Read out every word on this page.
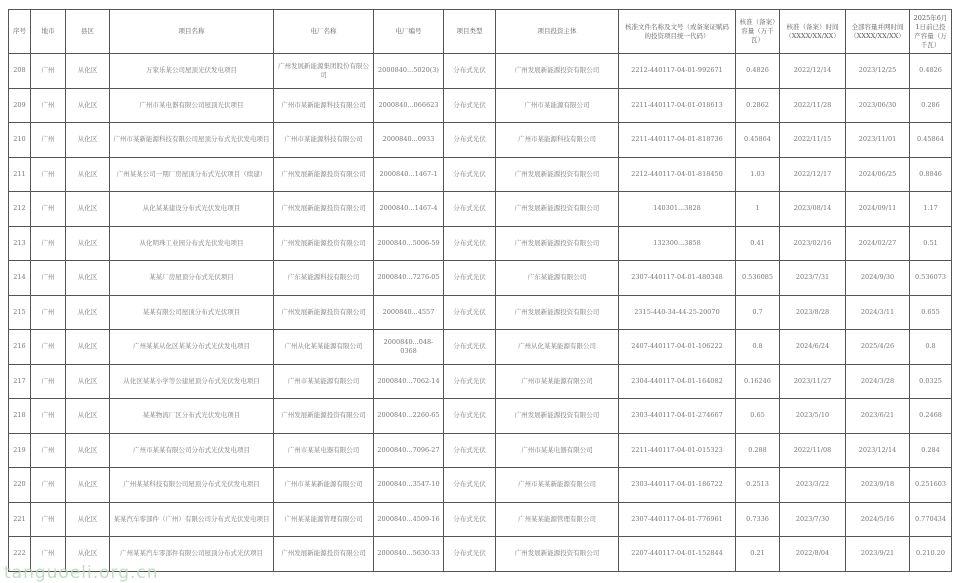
序号	地市	县区	项目名称	电厂名称	电厂编号	项目类型	项目投资主体	核准文件名称及文号（或备案证赋码的投资项目统一代码）	核准（备案）容量（万千瓦）	核准（备案）时间（XXXX/XX/XX）	全部容量并网时间（XXXX/XX/XX）	2025年6月1日前已投产容量（万千瓦）
208	广州	从化区	万家乐某公司屋顶光伏发电项目	广州发展新能源集团股份有限公司	2000840...5020(3)	分布式光伏	广州发展新能源投资有限公司	2212-440117-04-01-992671	0.4826	2022/12/14	2023/12/25	0.4826
209	广州	从化区	广州市某电器有限公司屋顶光伏项目	广州市某新能源科技有限公司	2000840...066623	分布式光伏	广州市某能源有限公司	2211-440117-04-01-018613	0.2862	2022/11/28	2023/06/30	0.286
210	广州	从化区	广州市某新能源科技有限公司屋顶分布式光伏发电项目	广州市某能源科技有限公司	2000840...0933	分布式光伏	广州市某能源科技有限公司	2211-440117-04-01-818736	0.45864	2022/11/15	2023/11/01	0.45864
211	广州	从化区	广州某某公司一期厂房屋顶分布式光伏项目（续建）	广州发展新能源投资有限公司	2000840...1467-1	分布式光伏	广州发展新能源投资有限公司	2212-440117-04-01-818450	1.03	2022/12/17	2024/06/25	0.8846
212	广州	从化区	从化某某建设分布式光伏发电项目	广州发展新能源投资有限公司	2000840...1467-4	分布式光伏	广州发展新能源投资有限公司	140301...3828	1	2023/08/14	2024/09/11	1.17
213	广州	从化区	从化明珠工业园分布式光伏发电项目	广州发展新能源投资有限公司	2000840...5006-59	分布式光伏	广州发展新能源投资有限公司	132300...3858	0.41	2023/02/16	2024/02/27	0.51
214	广州	从化区	某某厂房屋顶分布式光伏项目	广东某能源科技有限公司	2000840...7276-05	分布式光伏	广东某能源有限公司	2307-440117-04-01-480348	0.536085	2023/7/31	2024/9/30	0.536073
215	广州	从化区	某某有限公司屋顶分布式光伏项目	广州发展新能源投资有限公司	2000840...4557	分布式光伏	广州发展新能源投资有限公司	2315-440-34-44-25-20070	0.7	2023/8/28	2024/3/11	0.655
216	广州	从化区	广州某某从化区某某分布式光伏发电项目	广州从化某某能源有限公司	2000840...048-0368	分布式光伏	广州从化某某能源有限公司	2407-440117-04-01-106222	0.8	2024/6/24	2025/4/26	0.8
217	广州	从化区	从化区某某小学等公建屋顶分布式光伏发电项目	广州市某某能源有限公司	2000840...7062-14	分布式光伏	广州市某某能源有限公司	2304-440117-04-01-164082	0.16246	2023/11/27	2024/3/28	0.0325
218	广州	从化区	某某物流厂区分布式光伏发电项目	广州发展新能源投资有限公司	2000840...2260-65	分布式光伏	广州发展新能源投资有限公司	2303-440117-04-01-274667	0.65	2023/5/10	2023/6/21	0.2468
219	广州	从化区	广州市某某有限公司分布式光伏发电项目	广州市某某电器有限公司	2000840...7096-27	分布式光伏	广州市某某电器有限公司	2211-440117-04-01-015323	0.288	2022/11/08	2023/12/14	0.284
220	广州	从化区	广州某某科技有限公司屋顶分布式光伏发电项目	广州市某某新能源有限公司	2000840...3547-10	分布式光伏	广州市某某新能源有限公司	2303-440117-04-01-186722	0.2513	2023/3/22	2023/9/18	0.251603
221	广州	从化区	某某汽车零部件（广州）有限公司分布式光伏发电项目	广州某某能源管理有限公司	2000840...4509-16	分布式光伏	广州某某能源管理有限公司	2307-440117-04-01-776961	0.7336	2023/7/30	2024/5/16	0.770434
222	广州	从化区	广州某某汽车零部件有限公司屋顶分布式光伏项目	广州发展新能源投资有限公司	2000840...5630-33	分布式光伏	广州发展新能源投资有限公司	2207-440117-04-01-152844	0.21	2022/8/04	2023/9/21	0.210.20
tanguoeli.org.cn
